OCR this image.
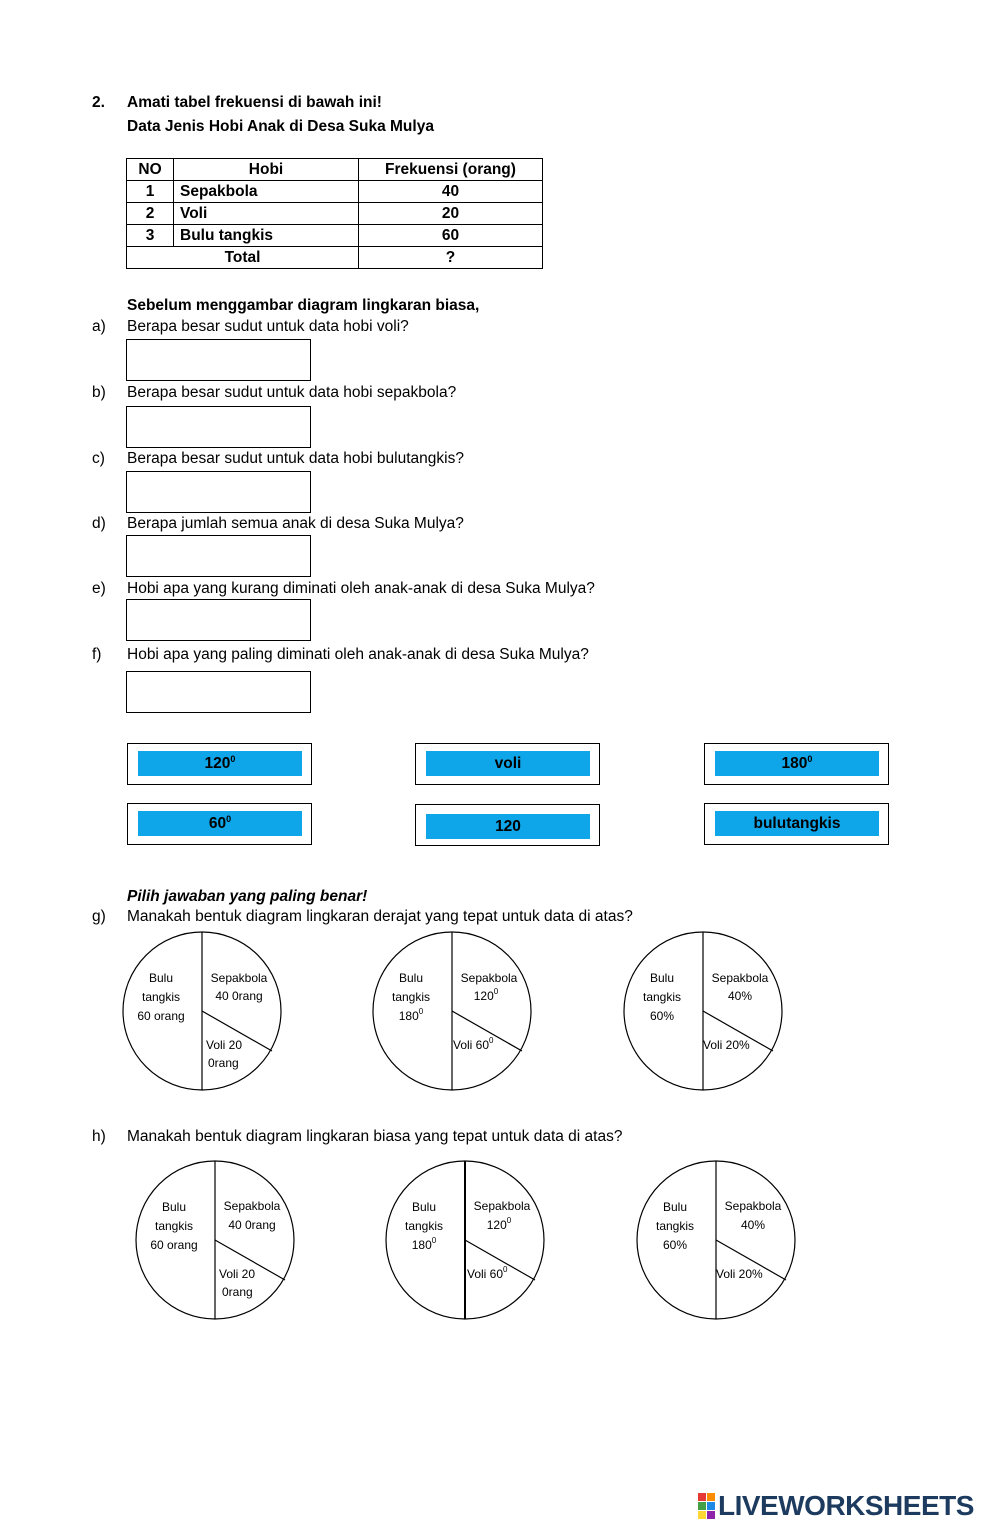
2. Amati tabel frekuensi di bawah ini!
Data Jenis Hobi Anak di Desa Suka Mulya
NO	Hobi	Frekuensi (orang)
1	Sepakbola	40
2	Voli	20
3	Bulu tangkis	60
Total		?
Sebelum menggambar diagram lingkaran biasa,
a) Berapa besar sudut untuk data hobi voli?
b) Berapa besar sudut untuk data hobi sepakbola?
c) Berapa besar sudut untuk data hobi bulutangkis?
d) Berapa jumlah semua anak di desa Suka Mulya?
e) Hobi apa yang kurang diminati oleh anak-anak di desa Suka Mulya?
f) Hobi apa yang paling diminati oleh anak-anak di desa Suka Mulya?
$120^0$	voli	$180^0$
$60^0$	120	bulutangkis
Pilih jawaban yang paling benar!
g) Manakah bentuk diagram lingkaran derajat yang tepat untuk data di atas?
Bulu
tangkis
60 orang
Sepakbola
40 0rang
Voli 20
0rang
Bulu
tangkis
$180^0$
Sepakbola
$120^0$
Voli $60^0$
Bulu
tangkis
60%
Sepakbola
40%
Voli 20%
h) Manakah bentuk diagram lingkaran biasa yang tepat untuk data di atas?
Bulu
tangkis
60 orang
Sepakbola
40 0rang
Voli 20
0rang
Bulu
tangkis
$180^0$
Sepakbola
$120^0$
Voli $60^0$
Bulu
tangkis
60%
Sepakbola
40%
Voli 20%
LIVEWORKSHEETS
